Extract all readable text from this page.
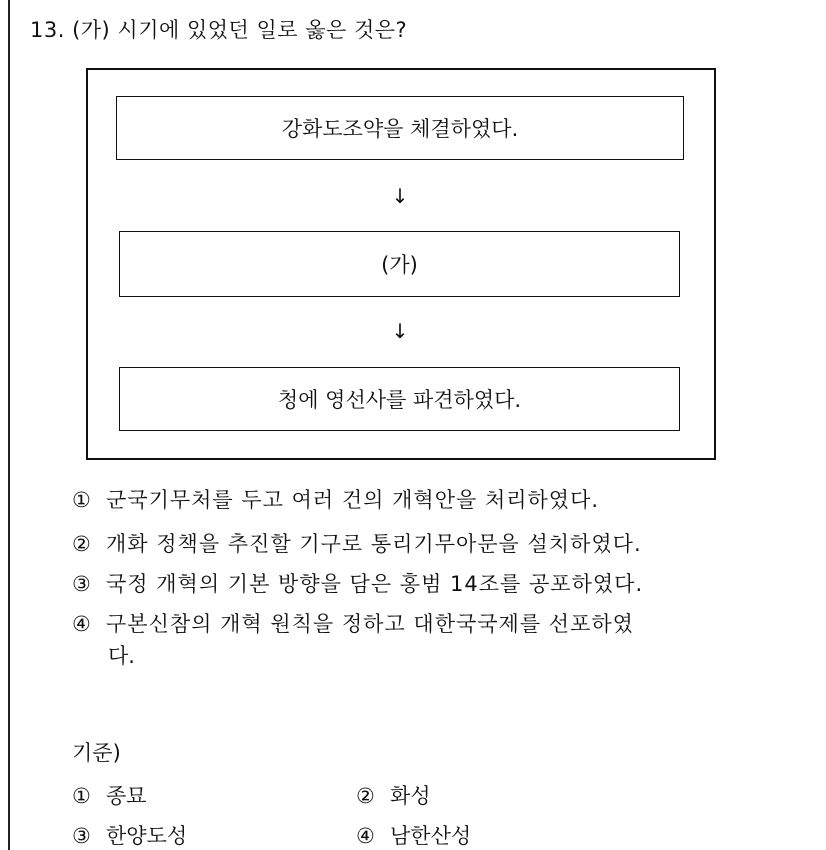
13. (가) 시기에 있었던 일로 옳은 것은?
강화도조약을 체결하였다.
↓
(가)
↓
청에 영선사를 파견하였다.
① 군국기무처를 두고 여러 건의 개혁안을 처리하였다.
② 개화 정책을 추진할 기구로 통리기무아문을 설치하였다.
③ 국정 개혁의 기본 방향을 담은 홍범 14조를 공포하였다.
④ 구본신참의 개혁 원칙을 정하고 대한국국제를 선포하였
다.
기준)
① 종묘	② 화성
③ 한양도성	④ 남한산성
